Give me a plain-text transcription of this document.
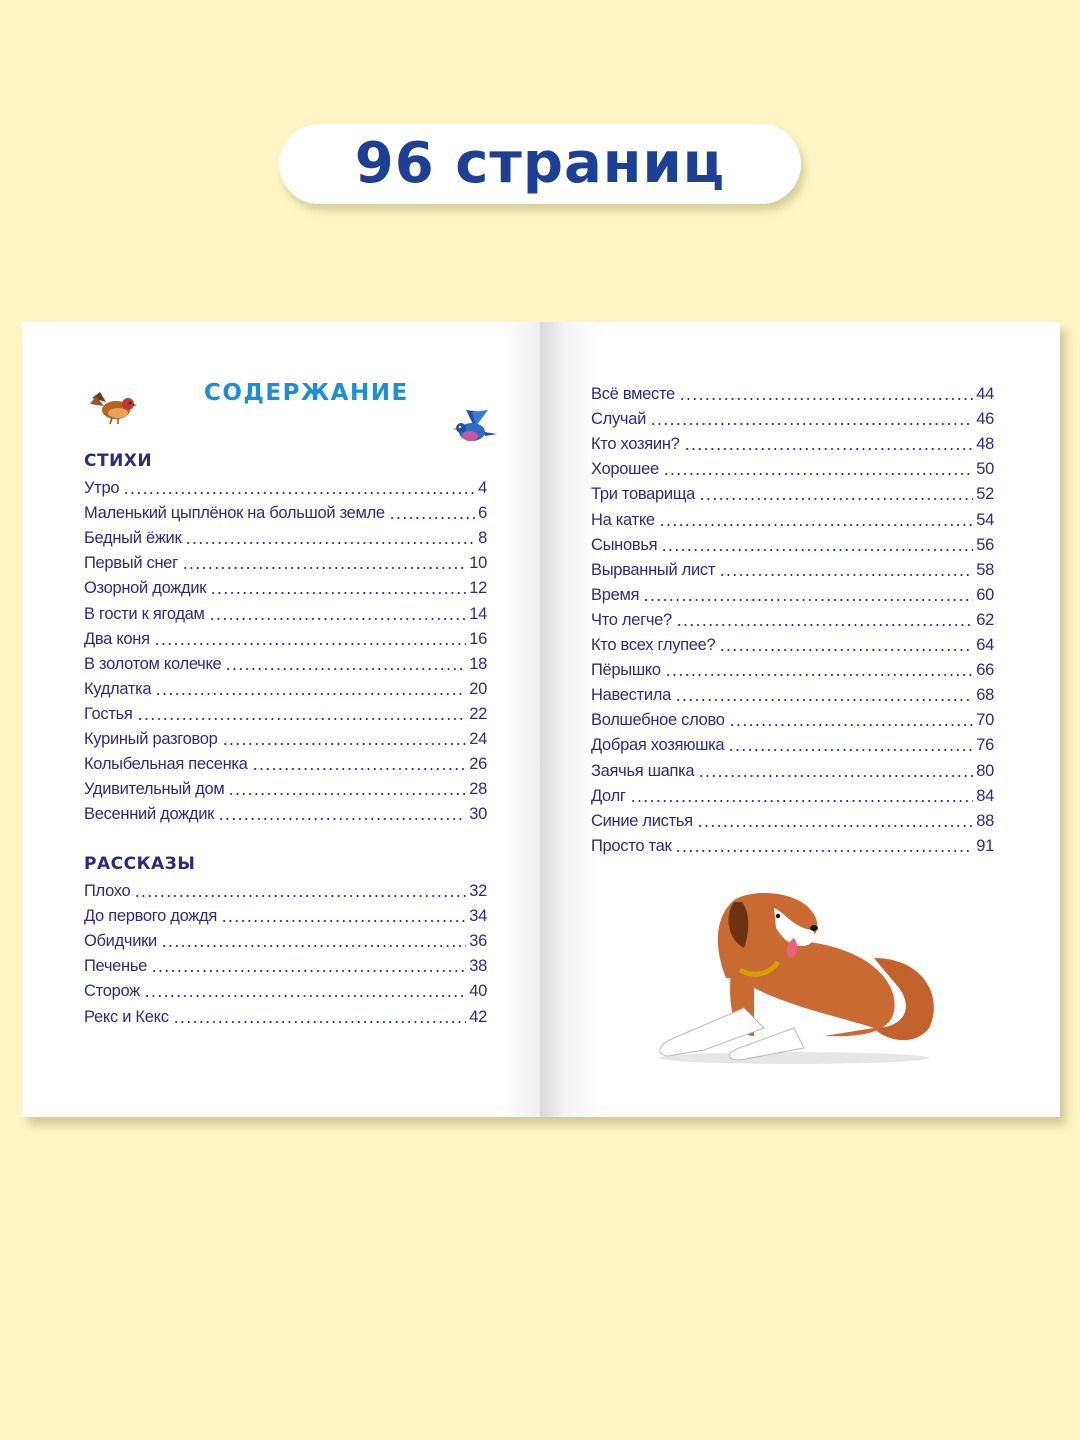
96 страниц
СОДЕРЖАНИЕ
СТИХИ
Утро	4
Маленький цыплёнок на большой земле	6
Бедный ёжик	8
Первый снег	10
Озорной дождик	12
В гости к ягодам	14
Два коня	16
В золотом колечке	18
Кудлатка	20
Гостья	22
Куриный разговор	24
Колыбельная песенка	26
Удивительный дом	28
Весенний дождик	30
РАССКАЗЫ
Плохо	32
До первого дождя	34
Обидчики	36
Печенье	38
Сторож	40
Рекс и Кекс	42
Всё вместе	44
Случай	46
Кто хозяин?	48
Хорошее	50
Три товарища	52
На катке	54
Сыновья	56
Вырванный лист	58
Время	60
Что легче?	62
Кто всех глупее?	64
Пёрышко	66
Навестила	68
Волшебное слово	70
Добрая хозяюшка	76
Заячья шапка	80
Долг	84
Синие листья	88
Просто так	91
